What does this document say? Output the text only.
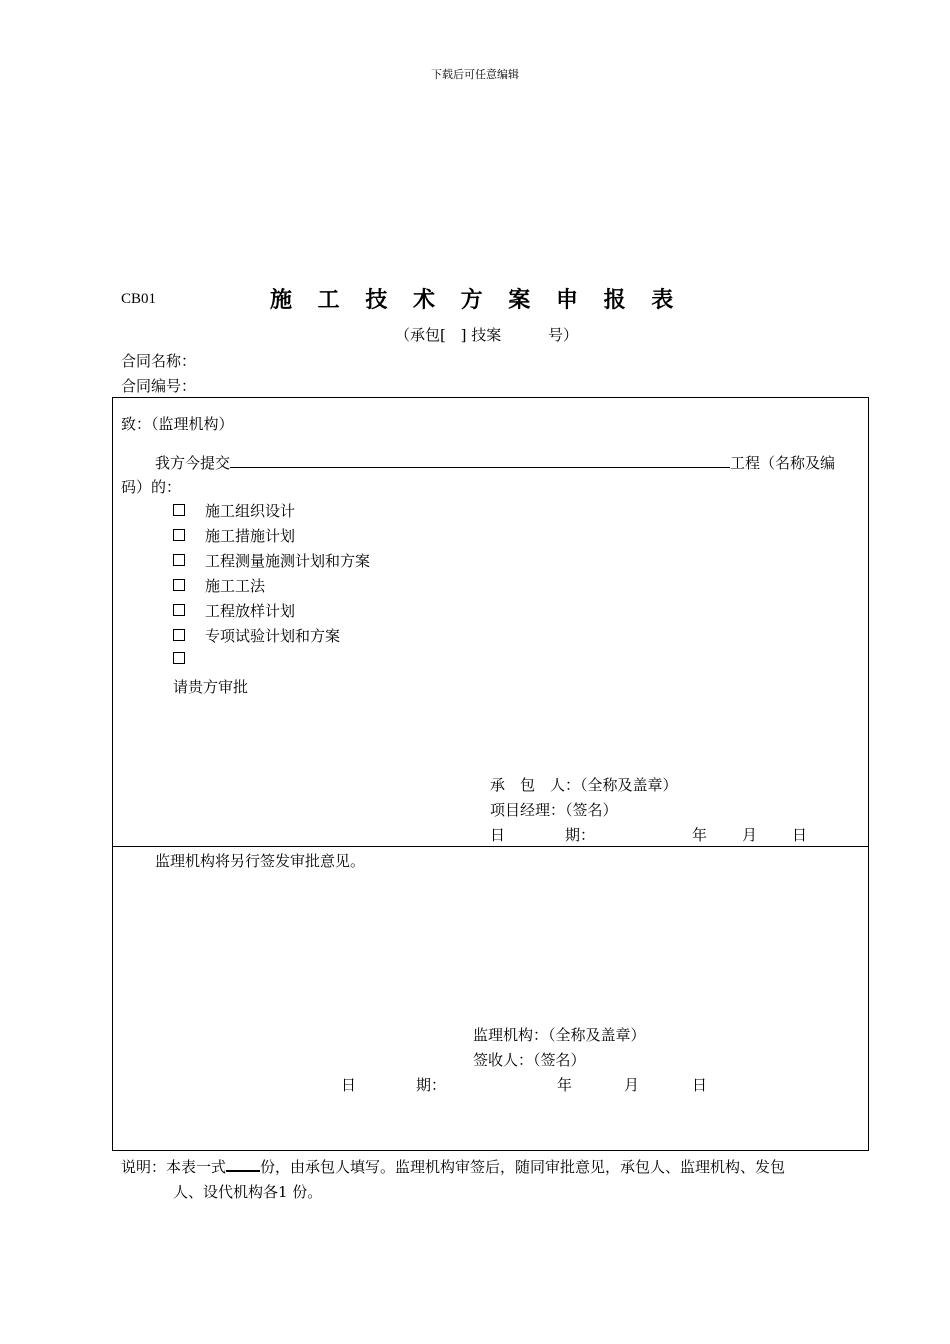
下载后可任意编辑
CB01	施 工 技 术 方 案 申 报 表
（承包[ ] 技案	号）
合同名称：
合同编号：
致：（监理机构）
我方今提交	工程（名称及编
码）的：
施工组织设计
施工措施计划
工程测量施测计划和方案
施工工法
工程放样计划
专项试验计划和方案
请贵方审批
承　包　人：（全称及盖章）
项目经理：（签名）
日　　　　期：	年 月 日
监理机构将另行签发审批意见。
监理机构：（全称及盖章）
签收人：（签名）
日　　　　期：	年	月	日
说明：本表一式 份，由承包人填写。监理机构审签后，随同审批意见，承包人、监理机构、发包
人、设代机构各1 份。
